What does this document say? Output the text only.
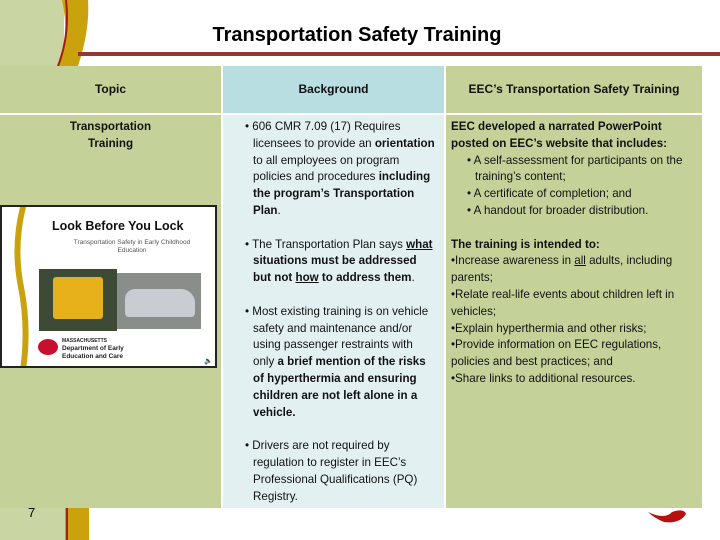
Transportation Safety Training
Topic	Background	EEC’s Transportation Safety Training
Transportation Training
• 606 CMR 7.09 (17) Requires licensees to provide an orientation to all employees on program policies and procedures including the program’s Transportation Plan.
• The Transportation Plan says what situations must be addressed but not how to address them.
• Most existing training is on vehicle safety and maintenance and/or using passenger restraints with only a brief mention of the risks of hyperthermia and ensuring children are not left alone in a vehicle.
• Drivers are not required by regulation to register in EEC’s Professional Qualifications (PQ) Registry.
EEC developed a narrated PowerPoint posted on EEC’s website that includes:
• A self-assessment for participants on the training’s content;
• A certificate of completion; and
• A handout for broader distribution.
The training is intended to:
•Increase awareness in all adults, including parents;
•Relate real-life events about children left in vehicles;
•Explain hyperthermia and other risks;
•Provide information on EEC regulations, policies and best practices; and
•Share links to additional resources.
Look Before You Lock
Transportation Safety in Early Childhood Education
MASSACHUSETTS
Department of Early Education and Care
🔈
7
